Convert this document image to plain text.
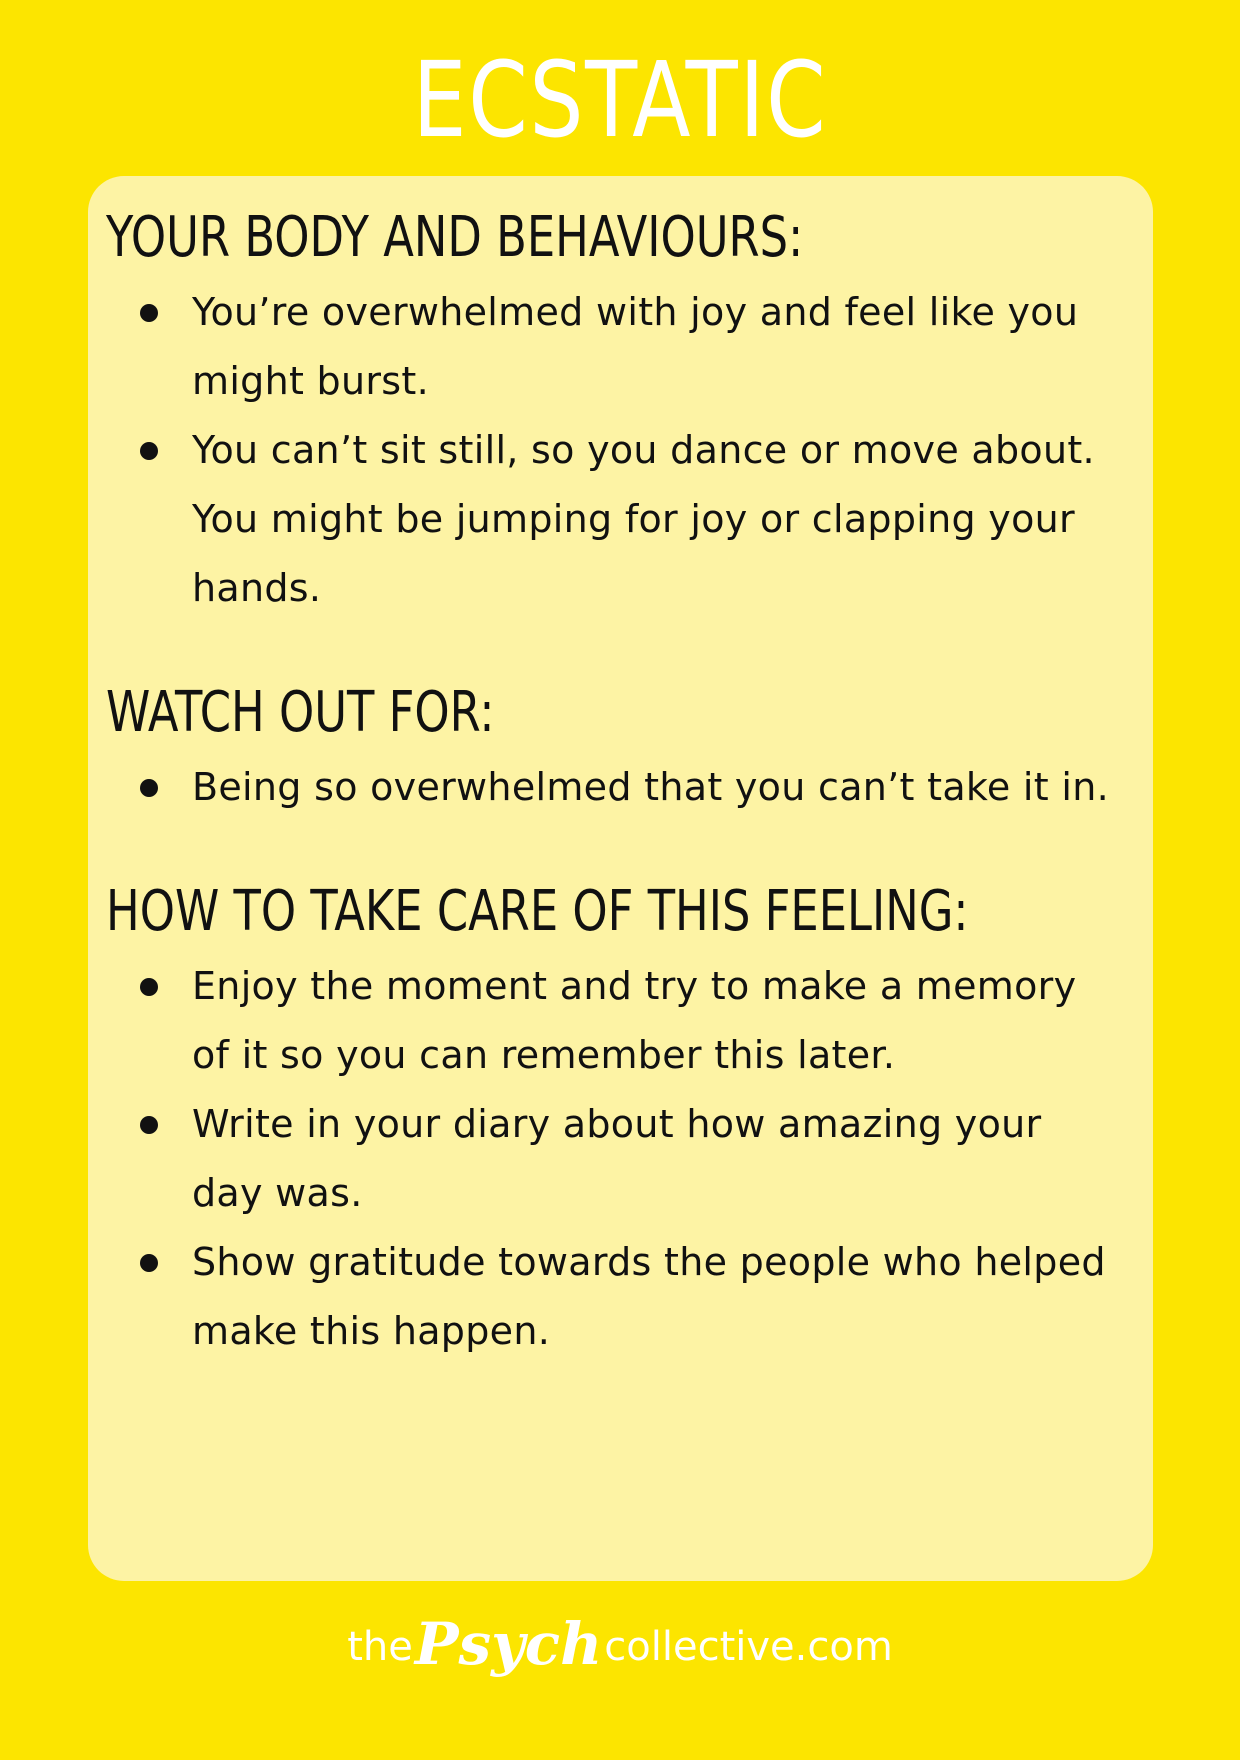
ECSTATIC
YOUR BODY AND BEHAVIOURS:
You’re overwhelmed with joy and feel like you might burst.
You can’t sit still, so you dance or move about. You might be jumping for joy or clapping your hands.
WATCH OUT FOR:
Being so overwhelmed that you can’t take it in.
HOW TO TAKE CARE OF THIS FEELING:
Enjoy the moment and try to make a memory of it so you can remember this later.
Write in your diary about how amazing your day was.
Show gratitude towards the people who helped make this happen.
thePsychcollective.com
